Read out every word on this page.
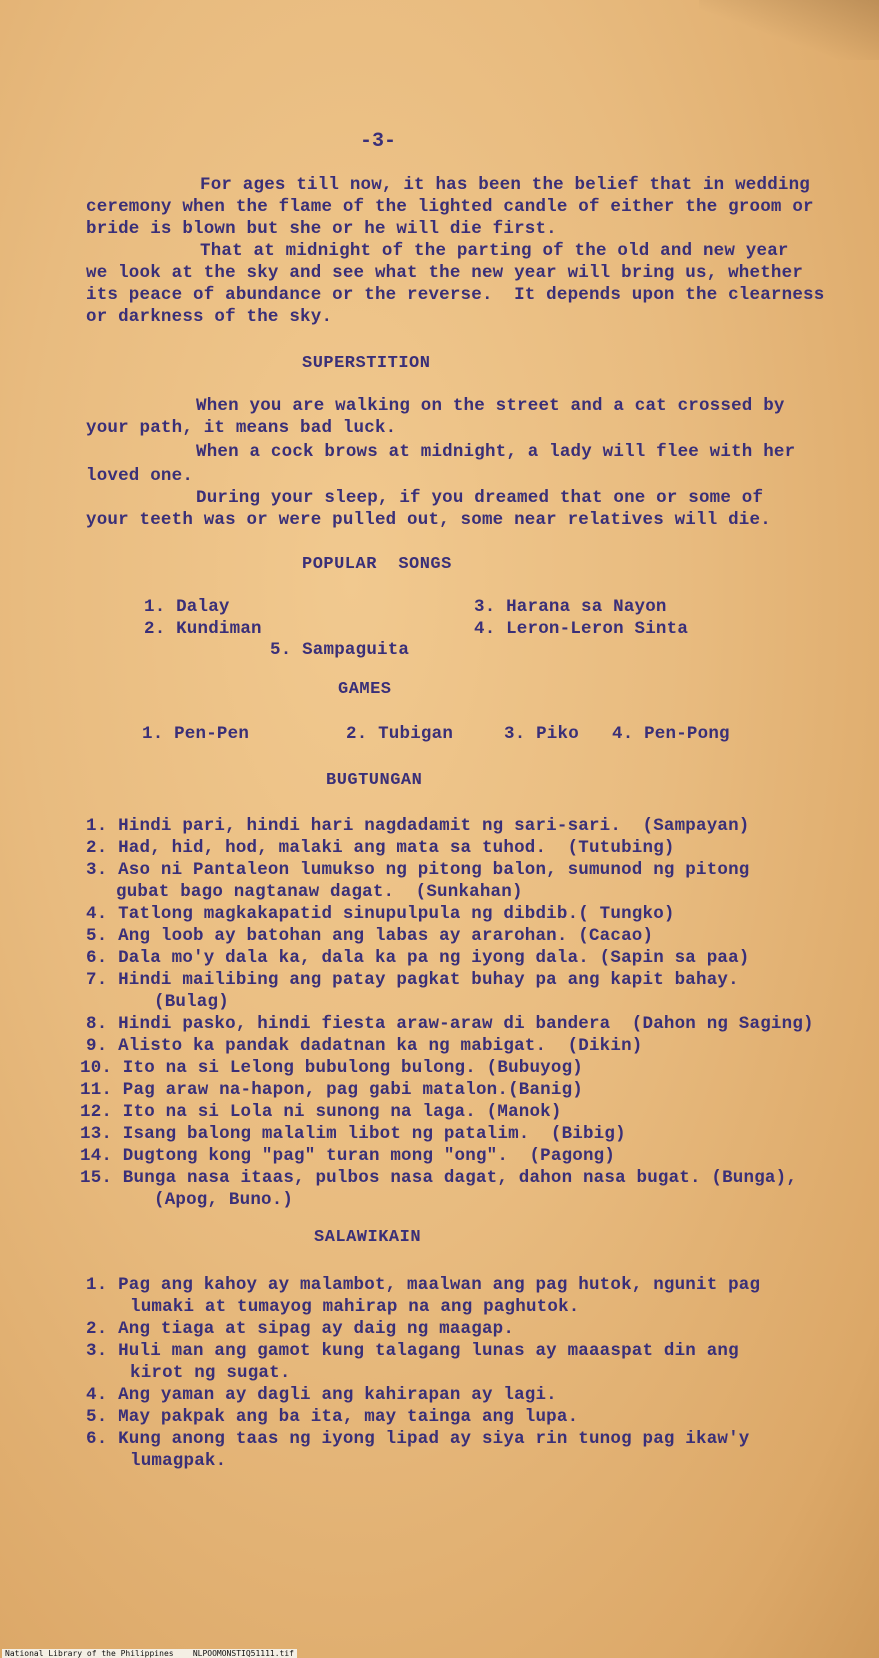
-3-
For ages till now, it has been the belief that in wedding
ceremony when the flame of the lighted candle of either the groom or
bride is blown but she or he will die first.
That at midnight of the parting of the old and new year
we look at the sky and see what the new year will bring us, whether
its peace of abundance or the reverse.  It depends upon the clearness
or darkness of the sky.
SUPERSTITION
When you are walking on the street and a cat crossed by
your path, it means bad luck.
When a cock brows at midnight, a lady will flee with her
loved one.
During your sleep, if you dreamed that one or some of
your teeth was or were pulled out, some near relatives will die.
POPULAR  SONGS
1. Dalay
2. Kundiman
3. Harana sa Nayon
4. Leron-Leron Sinta
5. Sampaguita
GAMES
1. Pen-Pen	2. Tubigan	3. Piko 4. Pen-Pong
BUGTUNGAN
1. Hindi pari, hindi hari nagdadamit ng sari-sari.  (Sampayan)
2. Had, hid, hod, malaki ang mata sa tuhod.  (Tutubing)
3. Aso ni Pantaleon lumukso ng pitong balon, sumunod ng pitong
gubat bago nagtanaw dagat.  (Sunkahan)
4. Tatlong magkakapatid sinupulpula ng dibdib.( Tungko)
5. Ang loob ay batohan ang labas ay ararohan. (Cacao)
6. Dala mo'y dala ka, dala ka pa ng iyong dala. (Sapin sa paa)
7. Hindi mailibing ang patay pagkat buhay pa ang kapit bahay.
(Bulag)
8. Hindi pasko, hindi fiesta araw-araw di bandera  (Dahon ng Saging)
9. Alisto ka pandak dadatnan ka ng mabigat.  (Dikin)
10. Ito na si Lelong bubulong bulong. (Bubuyog)
11. Pag araw na-hapon, pag gabi matalon.(Banig)
12. Ito na si Lola ni sunong na laga. (Manok)
13. Isang balong malalim libot ng patalim.  (Bibig)
14. Dugtong kong "pag" turan mong "ong".  (Pagong)
15. Bunga nasa itaas, pulbos nasa dagat, dahon nasa bugat. (Bunga),
(Apog, Buno.)
SALAWIKAIN
1. Pag ang kahoy ay malambot, maalwan ang pag hutok, ngunit pag
lumaki at tumayog mahirap na ang paghutok.
2. Ang tiaga at sipag ay daig ng maagap.
3. Huli man ang gamot kung talagang lunas ay maaaspat din ang
kirot ng sugat.
4. Ang yaman ay dagli ang kahirapan ay lagi.
5. May pakpak ang ba ita, may tainga ang lupa.
6. Kung anong taas ng iyong lipad ay siya rin tunog pag ikaw'y
lumagpak.
National Library of the Philippines    NLPOOMONSTIQ51111.tif
